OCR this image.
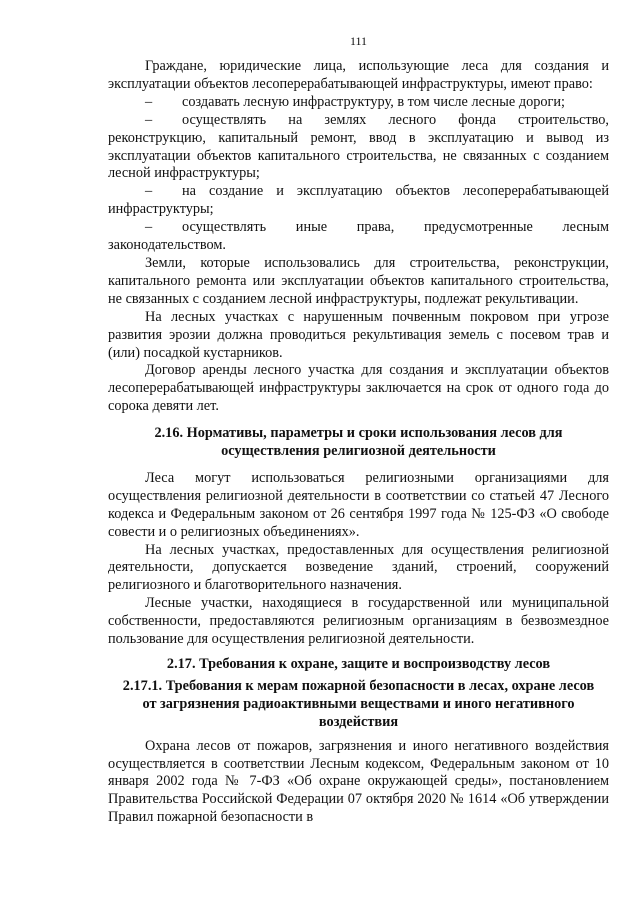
111

Граждане, юридические лица, использующие леса для создания и эксплуатации объектов лесоперерабатывающей инфраструктуры, имеют право:

– создавать лесную инфраструктуру, в том числе лесные дороги;

– осуществлять на землях лесного фонда строительство, реконструкцию, капитальный ремонт, ввод в эксплуатацию и вывод из эксплуатации объектов капитального строительства, не связанных с созданием лесной инфраструктуры;

– на создание и эксплуатацию объектов лесоперерабатывающей инфраструктуры;

– осуществлять иные права, предусмотренные лесным законодательством.

Земли, которые использовались для строительства, реконструкции, капитального ремонта или эксплуатации объектов капитального строительства, не связанных с созданием лесной инфраструктуры, подлежат рекультивации.

На лесных участках с нарушенным почвенным покровом при угрозе развития эрозии должна проводиться рекультивация земель с посевом трав и (или) посадкой кустарников.

Договор аренды лесного участка для создания и эксплуатации объектов лесоперерабатывающей инфраструктуры заключается на срок от одного года до сорока девяти лет.

2.16. Нормативы, параметры и сроки использования лесов для
осуществления религиозной деятельности

Леса могут использоваться религиозными организациями для осуществления религиозной деятельности в соответствии со статьей 47 Лесного кодекса и Федеральным законом от 26 сентября 1997 года № 125-ФЗ «О свободе совести и о религиозных объединениях».

На лесных участках, предоставленных для осуществления религиозной деятельности, допускается возведение зданий, строений, сооружений религиозного и благотворительного назначения.

Лесные участки, находящиеся в государственной или муниципальной собственности, предоставляются религиозным организациям в безвозмездное пользование для осуществления религиозной деятельности.

2.17. Требования к охране, защите и воспроизводству лесов
2.17.1. Требования к мерам пожарной безопасности в лесах, охране лесов
от загрязнения радиоактивными веществами и иного негативного
воздействия

Охрана лесов от пожаров, загрязнения и иного негативного воздействия осуществляется в соответствии Лесным кодексом, Федеральным законом от 10 января 2002 года № 7-ФЗ «Об охране окружающей среды», постановлением Правительства Российской Федерации 07 октября 2020 № 1614 «Об утверждении Правил пожарной безопасности в
